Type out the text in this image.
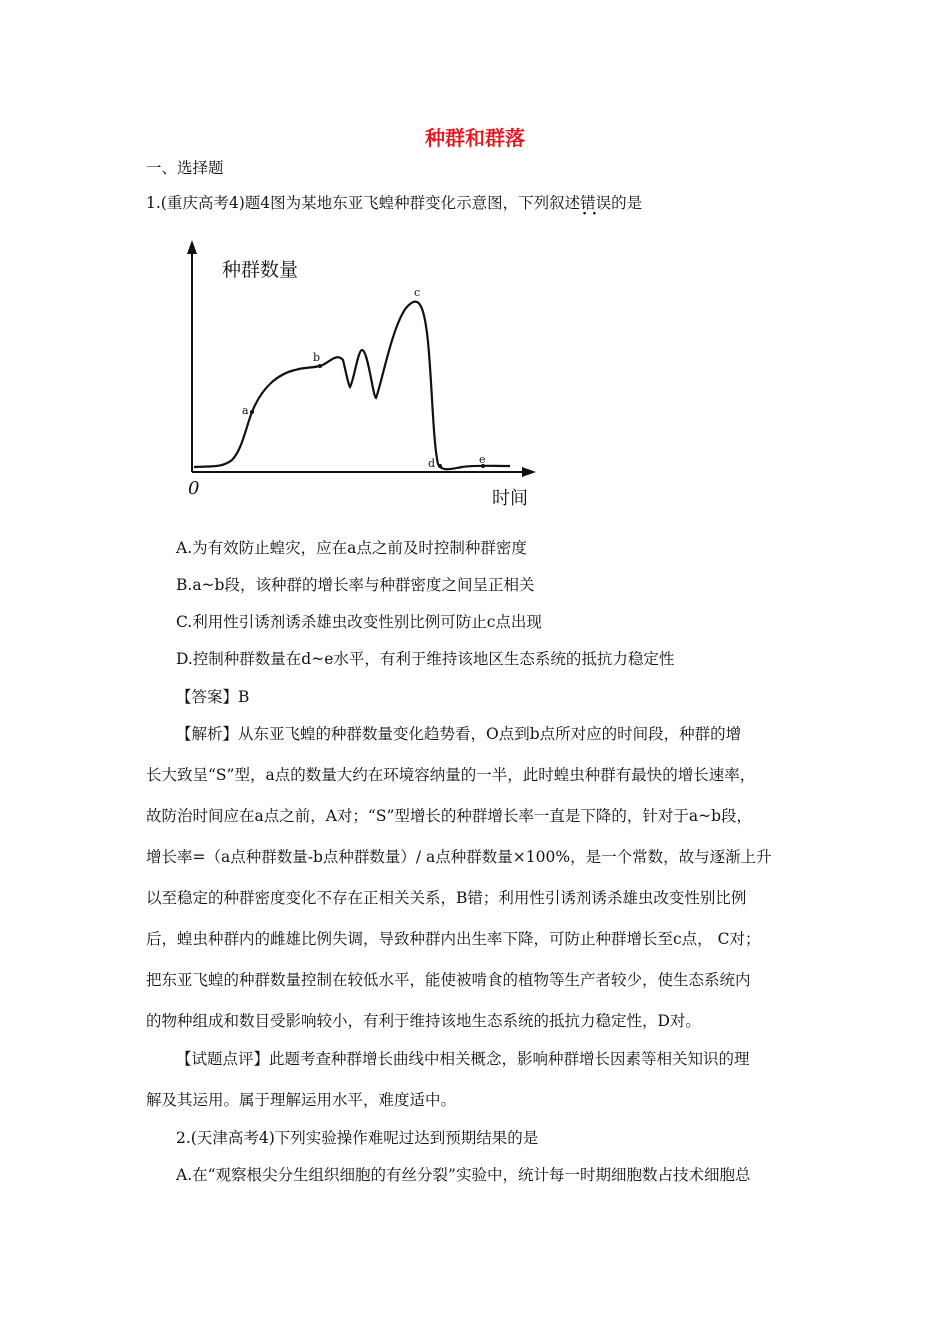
种群和群落
一、选择题
1.(重庆高考4)题4图为某地东亚飞蝗种群变化示意图，下列叙述错误 · ·的是
种群数量
时间
0
a
b
c
d	e
A.为有效防止蝗灾，应在a点之前及时控制种群密度
B.a~b段，该种群的增长率与种群密度之间呈正相关
C.利用性引诱剂诱杀雄虫改变性别比例可防止c点出现
D.控制种群数量在d~e水平，有利于维持该地区生态系统的抵抗力稳定性
【答案】B
【解析】从东亚飞蝗的种群数量变化趋势看，O点到b点所对应的时间段，种群的增
长大致呈“S”型，a点的数量大约在环境容纳量的一半，此时蝗虫种群有最快的增长速率，
故防治时间应在a点之前，A对；“S”型增长的种群增长率一直是下降的，针对于a~b段，
增长率=（a点种群数量-b点种群数量）/ a点种群数量×100%，是一个常数，故与逐渐上升
以至稳定的种群密度变化不存在正相关关系，B错；利用性引诱剂诱杀雄虫改变性别比例
后，蝗虫种群内的雌雄比例失调，导致种群内出生率下降，可防止种群增长至c点， C对；
把东亚飞蝗的种群数量控制在较低水平，能使被啃食的植物等生产者较少，使生态系统内
的物种组成和数目受影响较小，有利于维持该地生态系统的抵抗力稳定性，D对。
【试题点评】此题考查种群增长曲线中相关概念，影响种群增长因素等相关知识的理
解及其运用。属于理解运用水平，难度适中。
2.(天津高考4)下列实验操作难呢过达到预期结果的是
A.在“观察根尖分生组织细胞的有丝分裂”实验中，统计每一时期细胞数占技术细胞总
